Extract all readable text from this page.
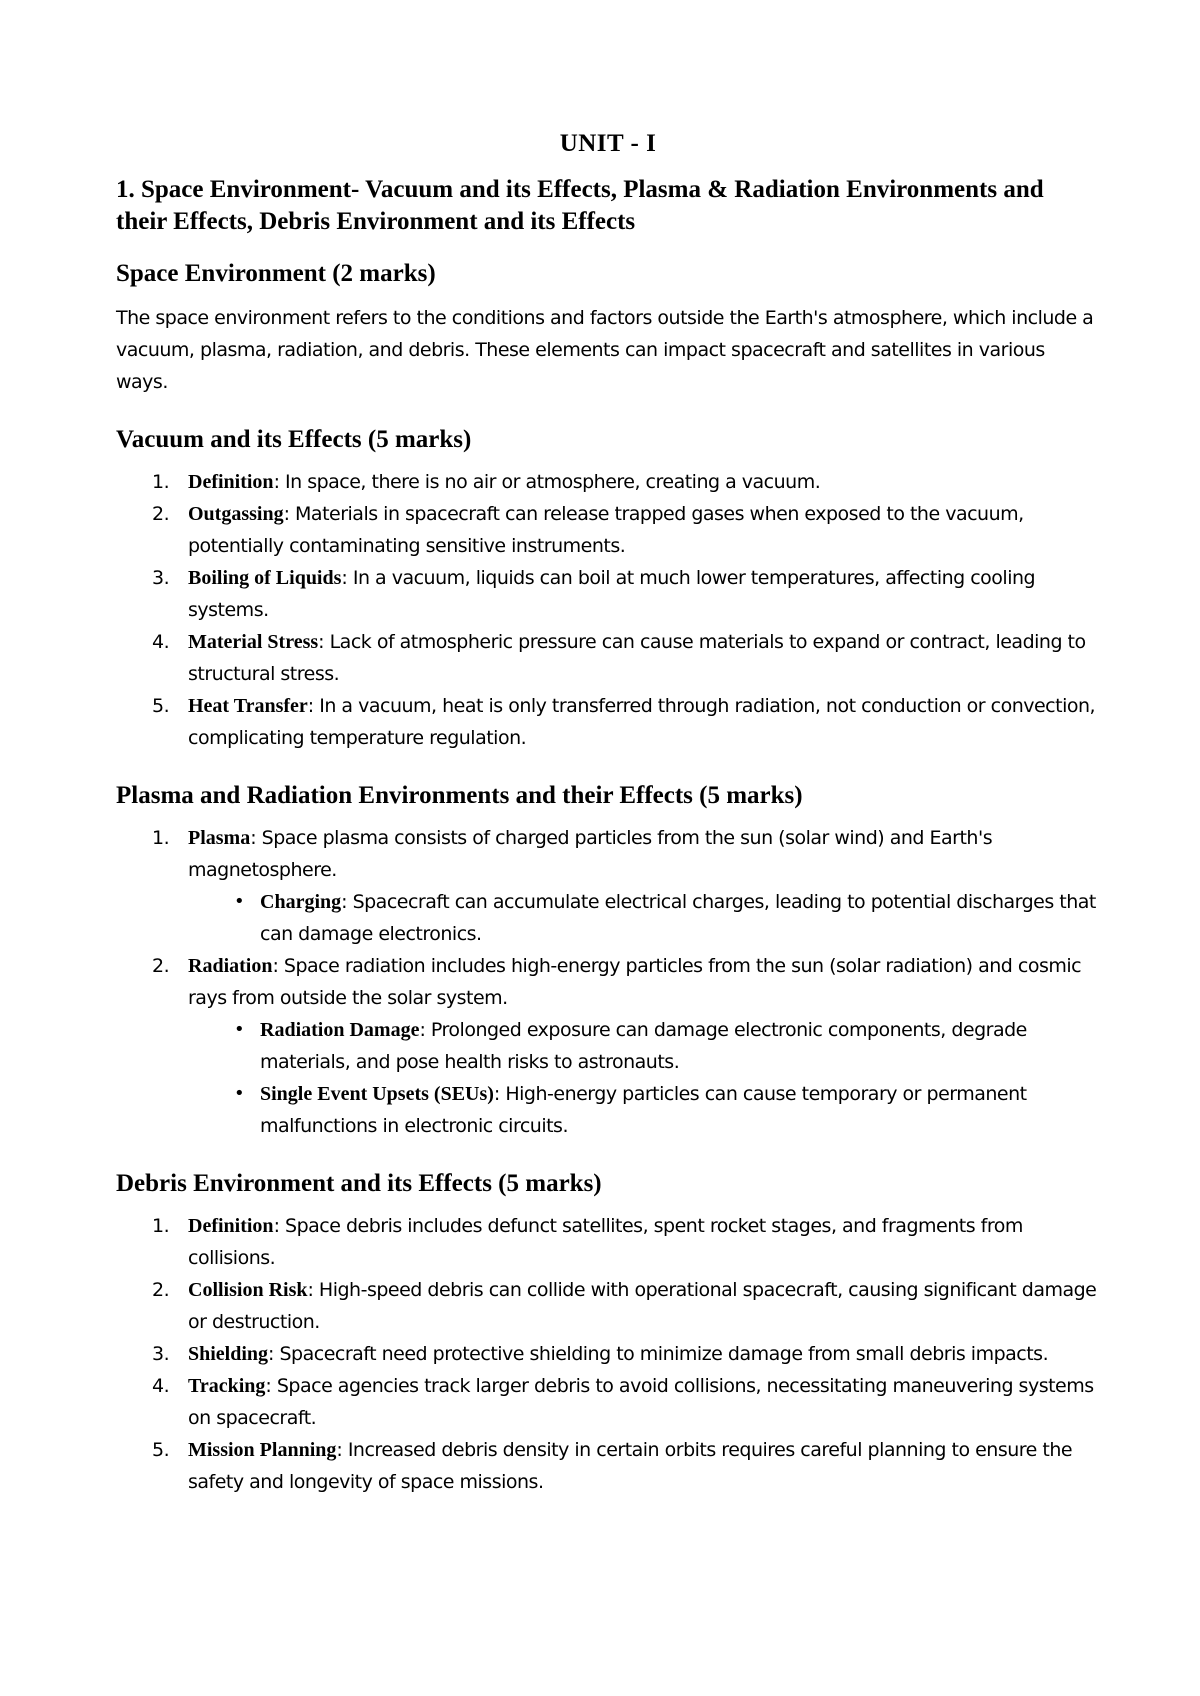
UNIT - I
1. Space Environment- Vacuum and its Effects, Plasma & Radiation Environments and their Effects, Debris Environment and its Effects
Space Environment (2 marks)

The space environment refers to the conditions and factors outside the Earth's atmosphere, which include a vacuum, plasma, radiation, and debris. These elements can impact spacecraft and satellites in various ways.

Vacuum and its Effects (5 marks)
Definition: In space, there is no air or atmosphere, creating a vacuum.
Outgassing: Materials in spacecraft can release trapped gases when exposed to the vacuum, potentially contaminating sensitive instruments.
Boiling of Liquids: In a vacuum, liquids can boil at much lower temperatures, affecting cooling systems.
Material Stress: Lack of atmospheric pressure can cause materials to expand or contract, leading to structural stress.
Heat Transfer: In a vacuum, heat is only transferred through radiation, not conduction or convection, complicating temperature regulation.
Plasma and Radiation Environments and their Effects (5 marks)
Plasma: Space plasma consists of charged particles from the sun (solar wind) and Earth's magnetosphere.
• Charging: Spacecraft can accumulate electrical charges, leading to potential discharges that can damage electronics.
Radiation: Space radiation includes high-energy particles from the sun (solar radiation) and cosmic rays from outside the solar system.
• Radiation Damage: Prolonged exposure can damage electronic components, degrade materials, and pose health risks to astronauts.
• Single Event Upsets (SEUs): High-energy particles can cause temporary or permanent malfunctions in electronic circuits.
Debris Environment and its Effects (5 marks)
Definition: Space debris includes defunct satellites, spent rocket stages, and fragments from collisions.
Collision Risk: High-speed debris can collide with operational spacecraft, causing significant damage or destruction.
Shielding: Spacecraft need protective shielding to minimize damage from small debris impacts.
Tracking: Space agencies track larger debris to avoid collisions, necessitating maneuvering systems on spacecraft.
Mission Planning: Increased debris density in certain orbits requires careful planning to ensure the safety and longevity of space missions.
